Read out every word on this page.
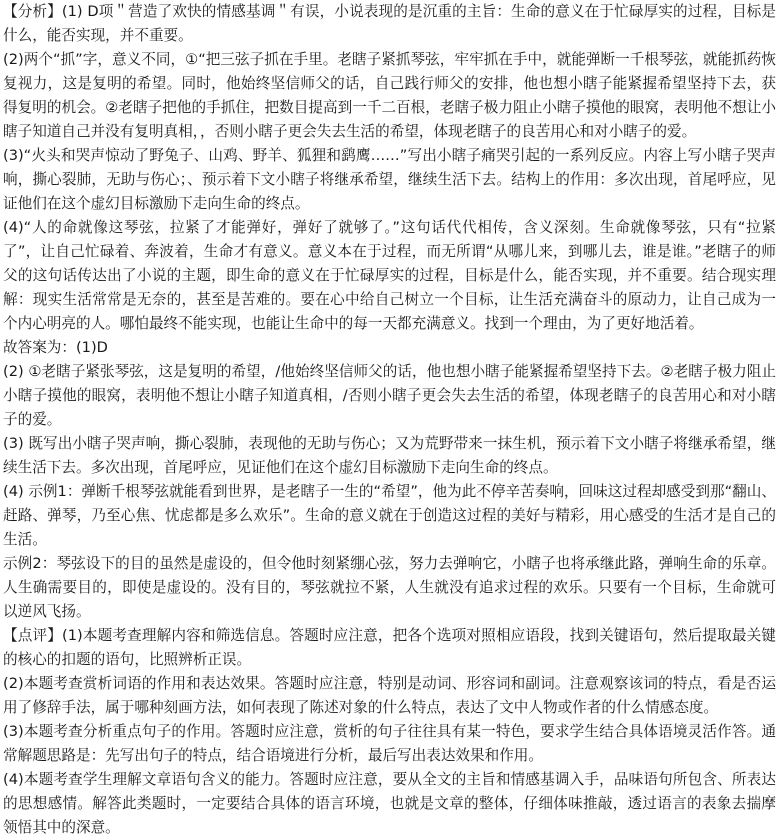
【分析】(1) D项＂营造了欢快的情感基调＂有误，小说表现的是沉重的主旨：生命的意义在于忙碌厚实的过程，目标是什么，能否实现，并不重要。

(2)两个“抓”字，意义不同，①“把三弦子抓在手里。老瞎子紧抓琴弦，牢牢抓在手中，就能弹断一千根琴弦，就能抓药恢复视力，这是复明的希望。同时，他始终坚信师父的话，自己践行师父的安排，他也想小瞎子能紧握希望坚持下去，获得复明的机会。②老瞎子把他的手抓住，把数目提高到一千二百根，老瞎子极力阻止小瞎子摸他的眼窝，表明他不想让小瞎子知道自己并没有复明真相，，否则小瞎子更会失去生活的希望，体现老瞎子的良苦用心和对小瞎子的爱。

(3)“火头和哭声惊动了野兔子、山鸡、野羊、狐狸和鹞鹰……”写出小瞎子痛哭引起的一系列反应。内容上写小瞎子哭声响，撕心裂肺，无助与伤心；、预示着下文小瞎子将继承希望，继续生活下去。结构上的作用：多次出现，首尾呼应，见证他们在这个虚幻目标激励下走向生命的终点。

(4)“人的命就像这琴弦，拉紧了才能弹好，弹好了就够了。”这句话代代相传，含义深刻。生命就像琴弦，只有“拉紧了”，让自己忙碌着、奔波着，生命才有意义。意义本在于过程，而无所谓“从哪儿来，到哪儿去，谁是谁。”老瞎子的师父的这句话传达出了小说的主题，即生命的意义在于忙碌厚实的过程，目标是什么，能否实现，并不重要。结合现实理解：现实生活常常是无奈的，甚至是苦难的。要在心中给自己树立一个目标，让生活充满奋斗的原动力，让自己成为一个内心明亮的人。哪怕最终不能实现，也能让生命中的每一天都充满意义。找到一个理由，为了更好地活着。

故答案为：(1)D

(2) ①老瞎子紧张琴弦，这是复明的希望，/他始终坚信师父的话，他也想小瞎子能紧握希望坚持下去。②老瞎子极力阻止小瞎子摸他的眼窝，表明他不想让小瞎子知道真相，/否则小瞎子更会失去生活的希望，体现老瞎子的良苦用心和对小瞎子的爱。

(3) 既写出小瞎子哭声响，撕心裂肺，表现他的无助与伤心；又为荒野带来一抹生机，预示着下文小瞎子将继承希望，继续生活下去。多次出现，首尾呼应，见证他们在这个虚幻目标激励下走向生命的终点。

(4) 示例1：弹断千根琴弦就能看到世界，是老瞎子一生的“希望”，他为此不停辛苦奏响，回味这过程却感受到那“翻山、赶路、弹琴，乃至心焦、忧虑都是多么欢乐”。生命的意义就在于创造这过程的美好与精彩，用心感受的生活才是自己的生活。

示例2：琴弦设下的目的虽然是虚设的，但令他时刻紧绷心弦，努力去弹响它，小瞎子也将承继此路，弹响生命的乐章。人生确需要目的，即使是虚设的。没有目的，琴弦就拉不紧，人生就没有追求过程的欢乐。只要有一个目标，生命就可以逆风飞扬。

【点评】(1)本题考查理解内容和筛选信息。答题时应注意，把各个选项对照相应语段，找到关键语句，然后提取最关键的核心的扣题的语句，比照辨析正误。

(2)本题考查赏析词语的作用和表达效果。答题时应注意，特别是动词、形容词和副词。注意观察该词的特点，看是否运用了修辞手法，属于哪种刻画方法，如何表现了陈述对象的什么特点，表达了文中人物或作者的什么情感态度。

(3)本题考查分析重点句子的作用。答题时应注意，赏析的句子往往具有某一特色，要求学生结合具体语境灵活作答。通常解题思路是：先写出句子的特点，结合语境进行分析，最后写出表达效果和作用。

(4)本题考查学生理解文章语句含义的能力。答题时应注意，要从全文的主旨和情感基调入手，品味语句所包含、所表达的思想感情。解答此类题时，一定要结合具体的语言环境，也就是文章的整体，仔细体味推敲，透过语言的表象去揣摩领悟其中的深意。
